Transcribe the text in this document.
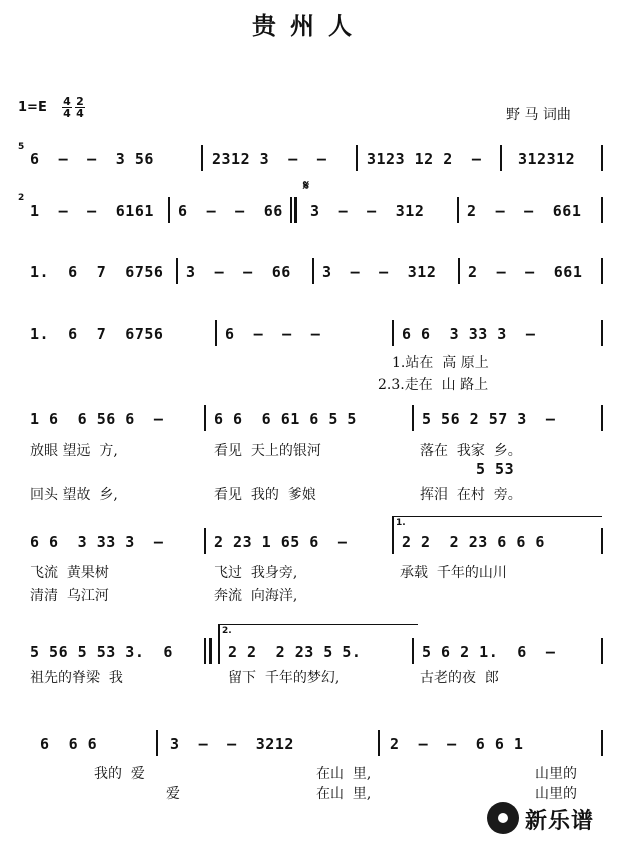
贵州人
1=E 4
4
2
4	野 马 词曲
5
6  –  –  3 56	2312 3  –  –	3123 12 2  – 312312
2
1  –  –  6161 6  –  –  66
𝄋
3  –  –  312	2  –  –  661
1.  6  7  6756 3  –  –  66 3  –  –  312 2  –  –  661
1.  6  7  6756	6  –  –  –	6 6  3 33 3  –
1.站在  高 原上
2.3.走在  山 路上
1 6  6 56 6  –	6 6  6 61 6 5 5	5 56 2 57 3  –
放眼 望远  方,	看见  天上的银河	落在  我家  乡。
5 53
回头 望故  乡,	看见  我的  爹娘	挥泪  在村  旁。
6 6  3 33 3  –	2 23 1 65 6  –
1.
2 2  2 23 6 6 6
飞流  黄果树	飞过  我身旁,	承载  千年的山川
清清  乌江河	奔流  向海洋,
5 56 5 53 3.  6
2.
2 2  2 23 5 5.	5 6 2 1.  6  –
祖先的脊梁  我	留下  千年的梦幻,	古老的夜  郎
6  6 6	3  –  –  3212	2  –  –  6 6 1
我的  爱	在山  里,	山里的
爱	在山  里,	山里的
新乐谱
